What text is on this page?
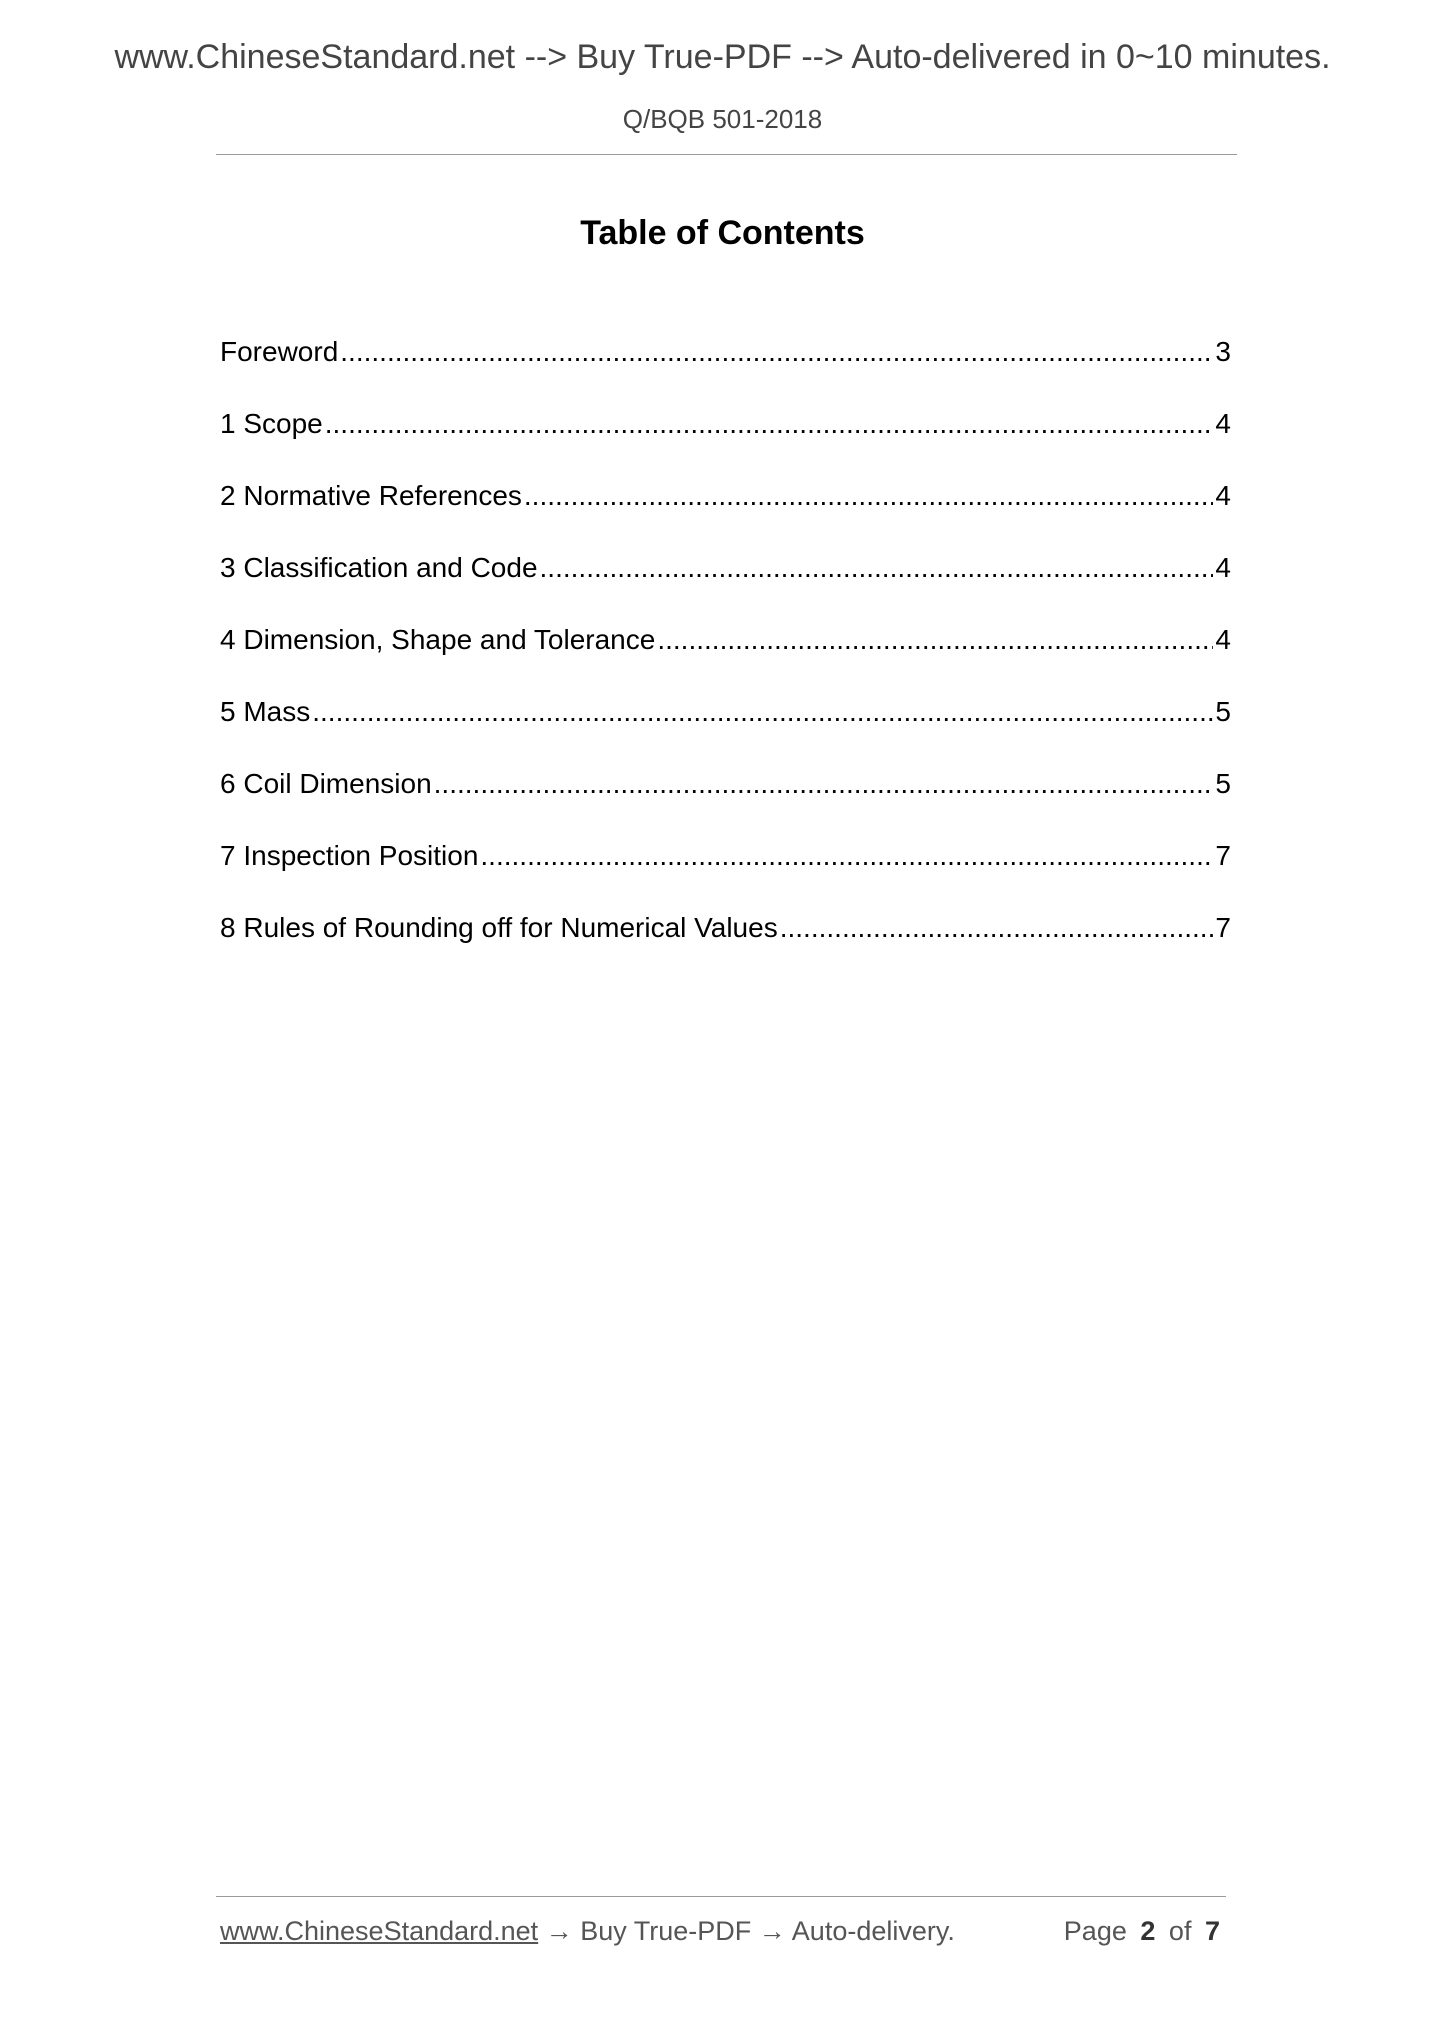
www.ChineseStandard.net --> Buy True-PDF --> Auto-delivered in 0~10 minutes.
Q/BQB 501-2018
Table of Contents
Foreword .....	3
1 Scope .....	4
2 Normative References .....	4
3 Classification and Code .....	4
4 Dimension, Shape and Tolerance .....	4
5 Mass .....	5
6 Coil Dimension .....	5
7 Inspection Position .....	7
8 Rules of Rounding off for Numerical Values .....	7
www.ChineseStandard.net → Buy True-PDF → Auto-delivery.	Page 2 of 7
